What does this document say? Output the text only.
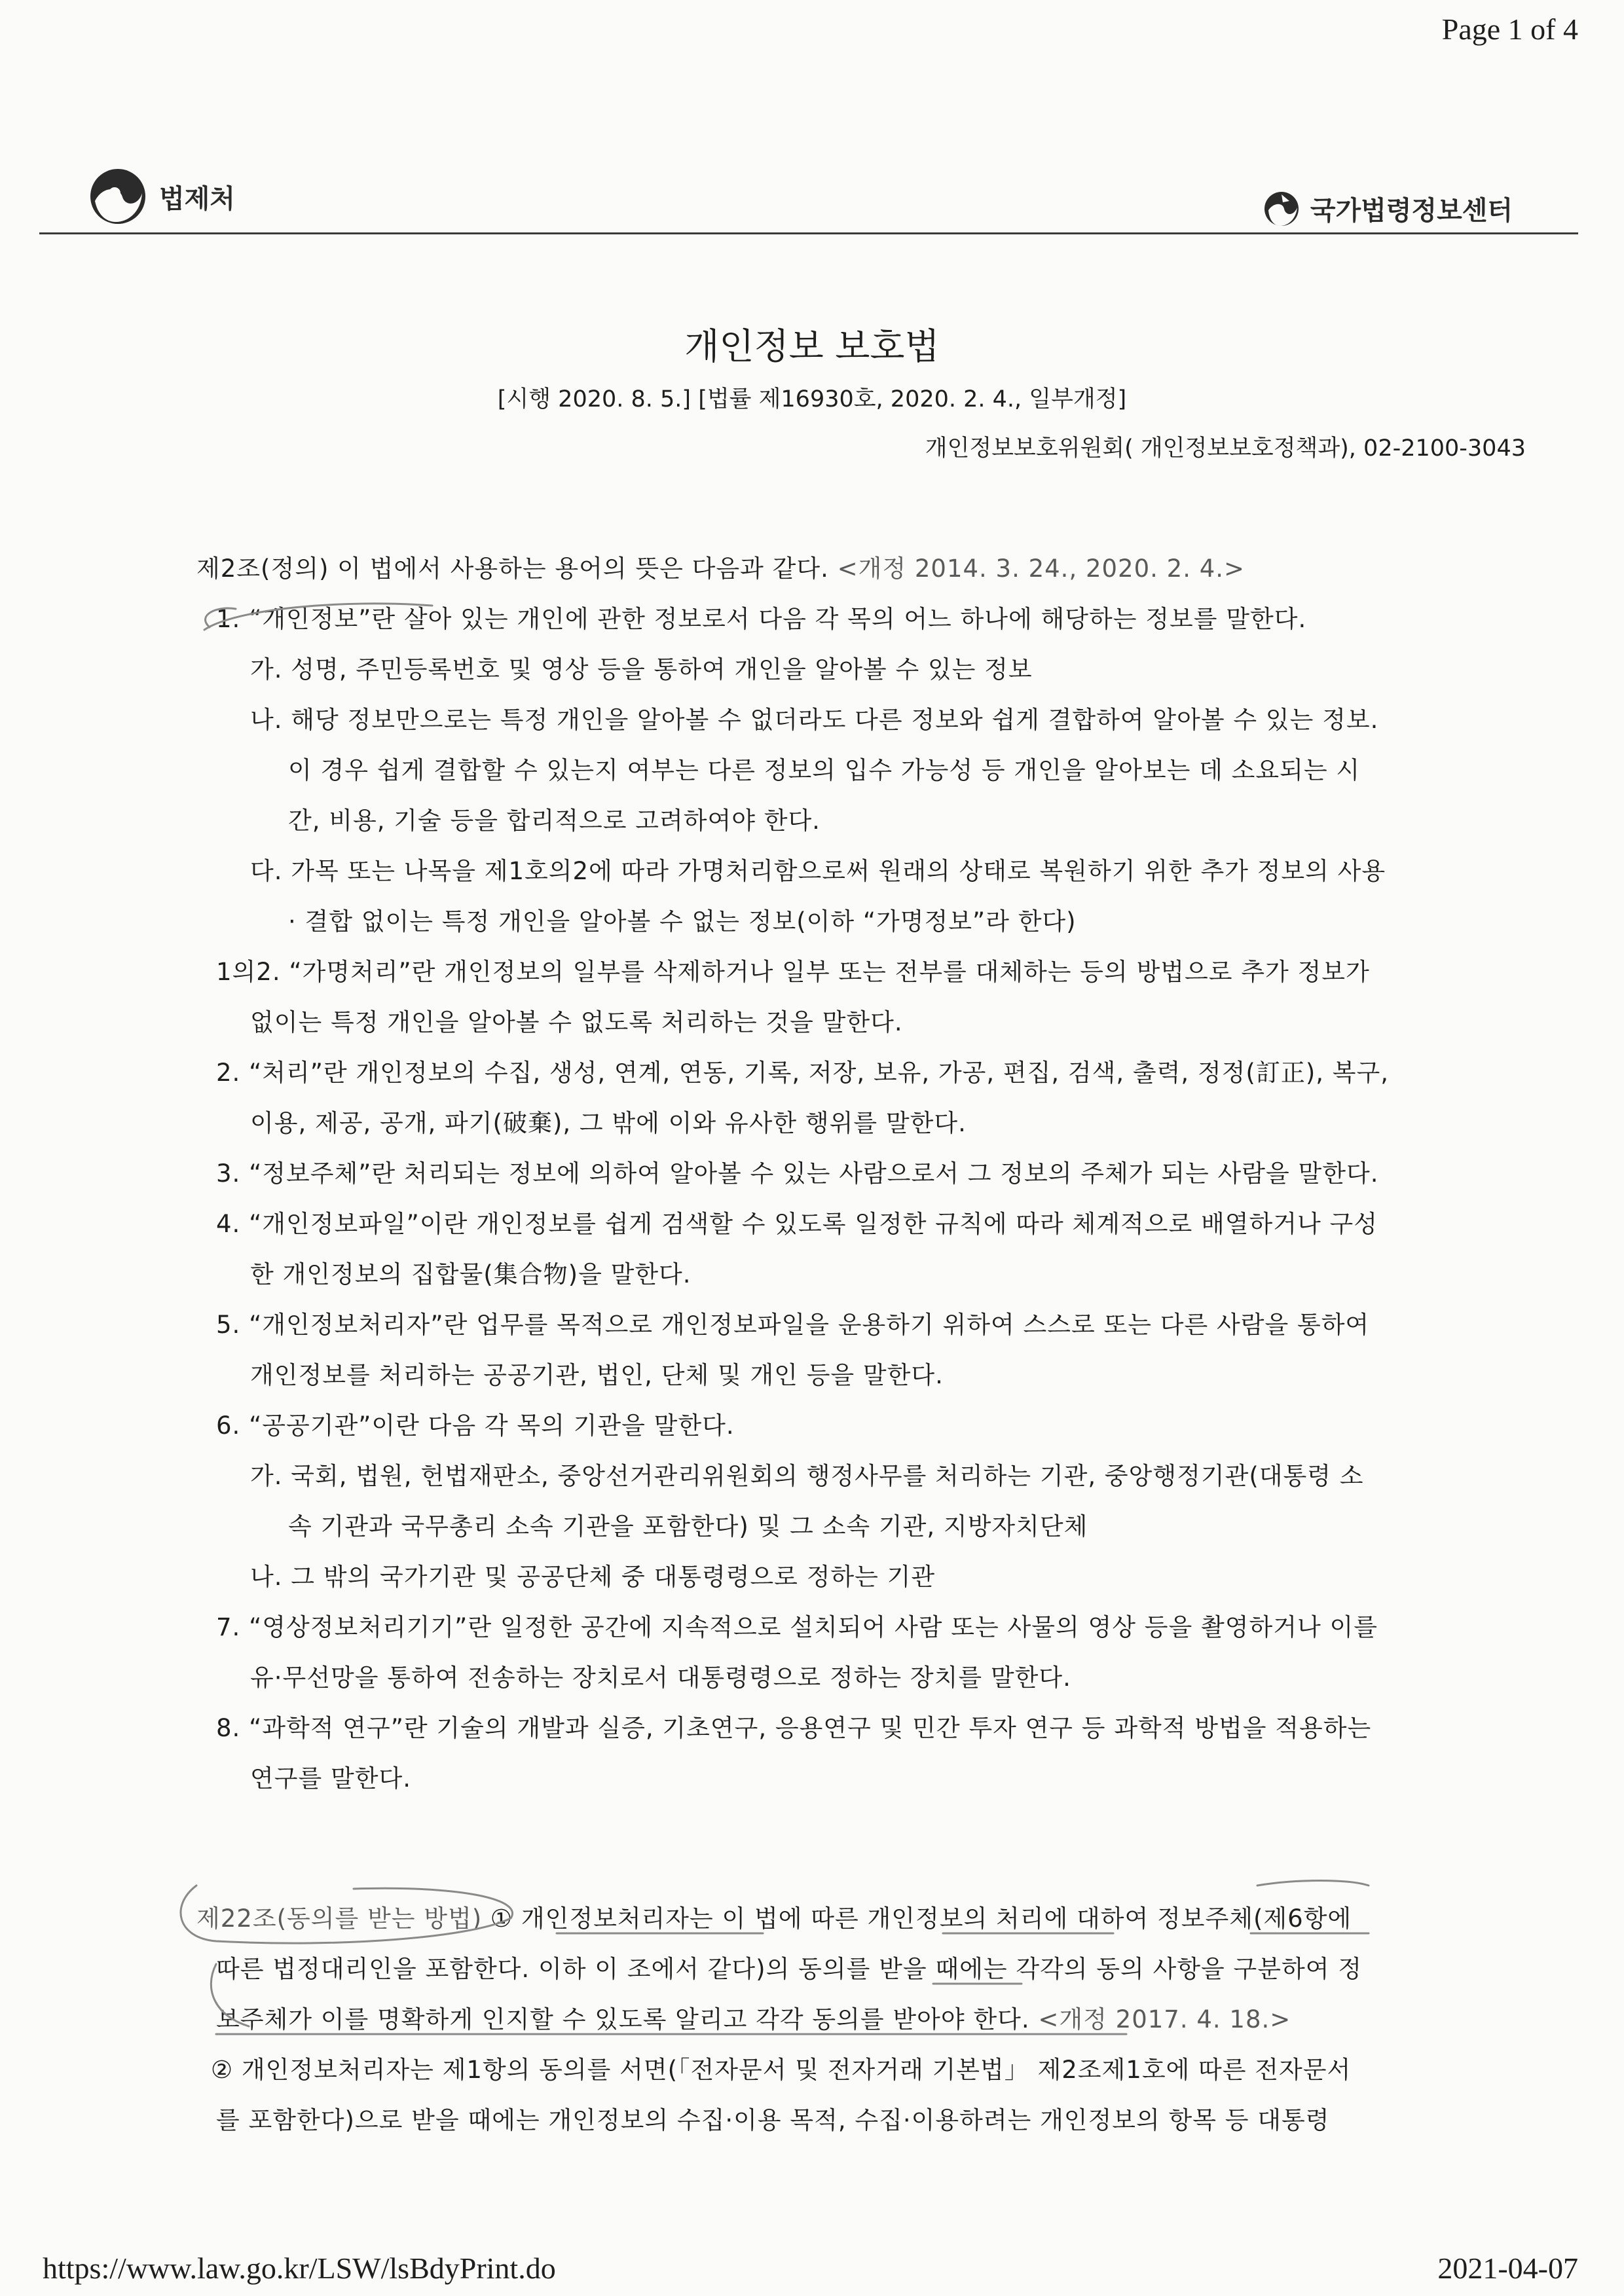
Page 1 of 4
법제처	국가법령정보센터
개인정보 보호법
[시행 2020. 8. 5.] [법률 제16930호, 2020. 2. 4., 일부개정]
개인정보보호위원회( 개인정보보호정책과), 02-2100-3043
제2조(정의) 이 법에서 사용하는 용어의 뜻은 다음과 같다. <개정 2014. 3. 24., 2020. 2. 4.>
1. “개인정보”란 살아 있는 개인에 관한 정보로서 다음 각 목의 어느 하나에 해당하는 정보를 말한다.
가. 성명, 주민등록번호 및 영상 등을 통하여 개인을 알아볼 수 있는 정보
나. 해당 정보만으로는 특정 개인을 알아볼 수 없더라도 다른 정보와 쉽게 결합하여 알아볼 수 있는 정보.
이 경우 쉽게 결합할 수 있는지 여부는 다른 정보의 입수 가능성 등 개인을 알아보는 데 소요되는 시
간, 비용, 기술 등을 합리적으로 고려하여야 한다.
다. 가목 또는 나목을 제1호의2에 따라 가명처리함으로써 원래의 상태로 복원하기 위한 추가 정보의 사용
· 결합 없이는 특정 개인을 알아볼 수 없는 정보(이하 “가명정보”라 한다)
1의2. “가명처리”란 개인정보의 일부를 삭제하거나 일부 또는 전부를 대체하는 등의 방법으로 추가 정보가
없이는 특정 개인을 알아볼 수 없도록 처리하는 것을 말한다.
2. “처리”란 개인정보의 수집, 생성, 연계, 연동, 기록, 저장, 보유, 가공, 편집, 검색, 출력, 정정(訂正), 복구,
이용, 제공, 공개, 파기(破棄), 그 밖에 이와 유사한 행위를 말한다.
3. “정보주체”란 처리되는 정보에 의하여 알아볼 수 있는 사람으로서 그 정보의 주체가 되는 사람을 말한다.
4. “개인정보파일”이란 개인정보를 쉽게 검색할 수 있도록 일정한 규칙에 따라 체계적으로 배열하거나 구성
한 개인정보의 집합물(集合物)을 말한다.
5. “개인정보처리자”란 업무를 목적으로 개인정보파일을 운용하기 위하여 스스로 또는 다른 사람을 통하여
개인정보를 처리하는 공공기관, 법인, 단체 및 개인 등을 말한다.
6. “공공기관”이란 다음 각 목의 기관을 말한다.
가. 국회, 법원, 헌법재판소, 중앙선거관리위원회의 행정사무를 처리하는 기관, 중앙행정기관(대통령 소
속 기관과 국무총리 소속 기관을 포함한다) 및 그 소속 기관, 지방자치단체
나. 그 밖의 국가기관 및 공공단체 중 대통령령으로 정하는 기관
7. “영상정보처리기기”란 일정한 공간에 지속적으로 설치되어 사람 또는 사물의 영상 등을 촬영하거나 이를
유·무선망을 통하여 전송하는 장치로서 대통령령으로 정하는 장치를 말한다.
8. “과학적 연구”란 기술의 개발과 실증, 기초연구, 응용연구 및 민간 투자 연구 등 과학적 방법을 적용하는
연구를 말한다.
제22조(동의를 받는 방법) ① 개인정보처리자는 이 법에 따른 개인정보의 처리에 대하여 정보주체(제6항에
따른 법정대리인을 포함한다. 이하 이 조에서 같다)의 동의를 받을 때에는 각각의 동의 사항을 구분하여 정
보주체가 이를 명확하게 인지할 수 있도록 알리고 각각 동의를 받아야 한다. <개정 2017. 4. 18.>
② 개인정보처리자는 제1항의 동의를 서면(「전자문서 및 전자거래 기본법」 제2조제1호에 따른 전자문서
를 포함한다)으로 받을 때에는 개인정보의 수집·이용 목적, 수집·이용하려는 개인정보의 항목 등 대통령
https://www.law.go.kr/LSW/lsBdyPrint.do	2021-04-07
